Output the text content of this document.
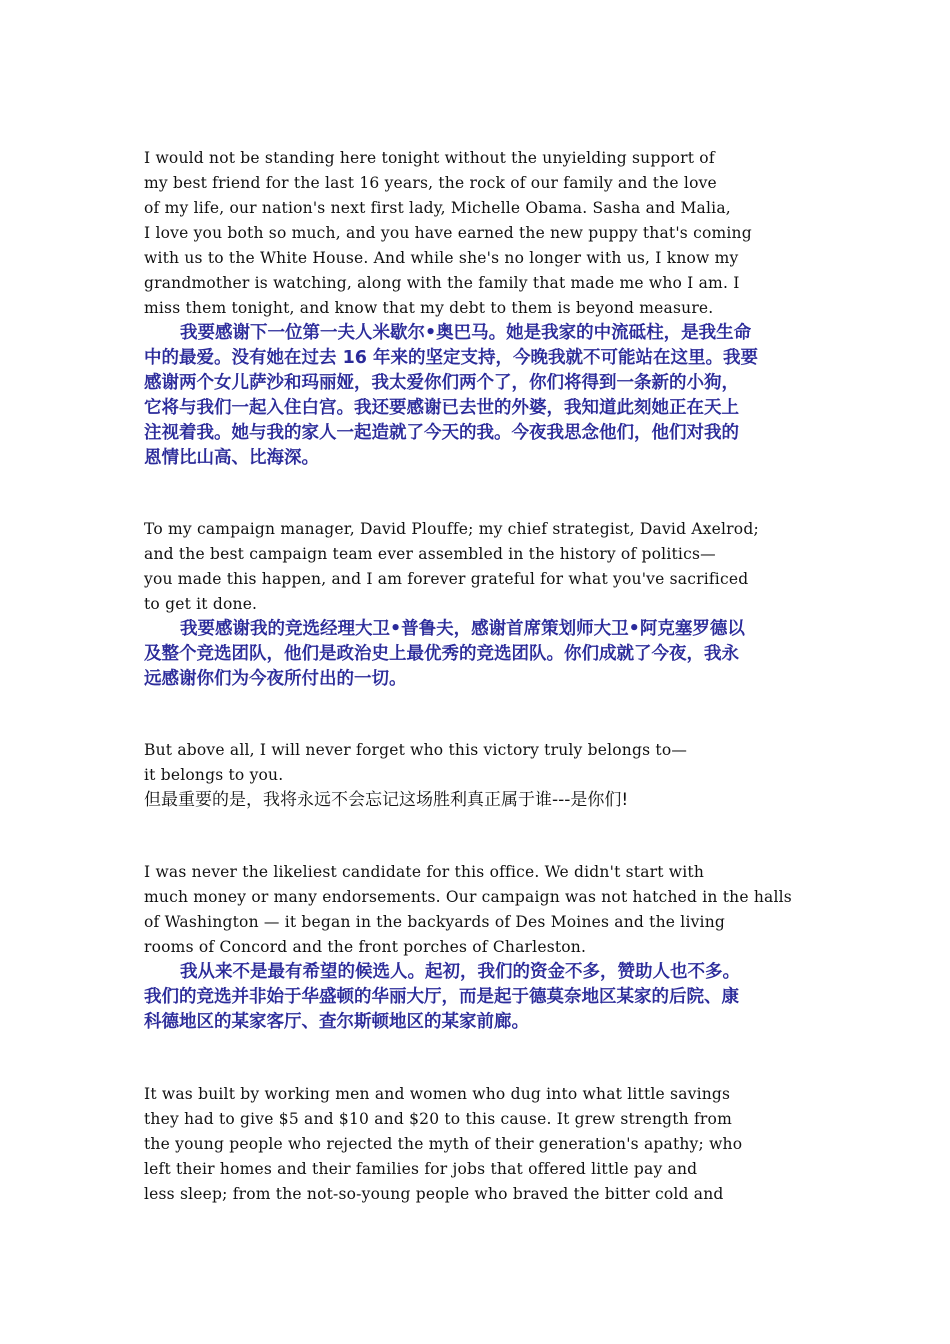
I would not be standing here tonight without the unyielding support of
my best friend for the last 16 years, the rock of our family and the love
of my life, our nation's next first lady, Michelle Obama. Sasha and Malia,
I love you both so much, and you have earned the new puppy that's coming
with us to the White House. And while she's no longer with us, I know my
grandmother is watching, along with the family that made me who I am. I
miss them tonight, and know that my debt to them is beyond measure.

我要感谢下一位第一夫人米歇尔•奥巴马。她是我家的中流砥柱，是我生命
中的最爱。没有她在过去 16 年来的坚定支持，今晚我就不可能站在这里。我要
感谢两个女儿萨沙和玛丽娅，我太爱你们两个了，你们将得到一条新的小狗，
它将与我们一起入住白宫。我还要感谢已去世的外婆，我知道此刻她正在天上
注视着我。她与我的家人一起造就了今天的我。今夜我思念他们，他们对我的
恩情比山高、比海深。

To my campaign manager, David Plouffe; my chief strategist, David Axelrod;
and the best campaign team ever assembled in the history of politics—
you made this happen, and I am forever grateful for what you've sacrificed
to get it done.

我要感谢我的竞选经理大卫•普鲁夫，感谢首席策划师大卫•阿克塞罗德以
及整个竞选团队，他们是政治史上最优秀的竞选团队。你们成就了今夜，我永
远感谢你们为今夜所付出的一切。

But above all, I will never forget who this victory truly belongs to—
it belongs to you.

但最重要的是，我将永远不会忘记这场胜利真正属于谁---是你们!

I was never the likeliest candidate for this office. We didn't start with
much money or many endorsements. Our campaign was not hatched in the halls
of Washington — it began in the backyards of Des Moines and the living
rooms of Concord and the front porches of Charleston.

我从来不是最有希望的候选人。起初，我们的资金不多，赞助人也不多。
我们的竞选并非始于华盛顿的华丽大厅，而是起于德莫奈地区某家的后院、康
科德地区的某家客厅、查尔斯顿地区的某家前廊。

It was built by working men and women who dug into what little savings
they had to give $5 and $10 and $20 to this cause. It grew strength from
the young people who rejected the myth of their generation's apathy; who
left their homes and their families for jobs that offered little pay and
less sleep; from the not-so-young people who braved the bitter cold and
